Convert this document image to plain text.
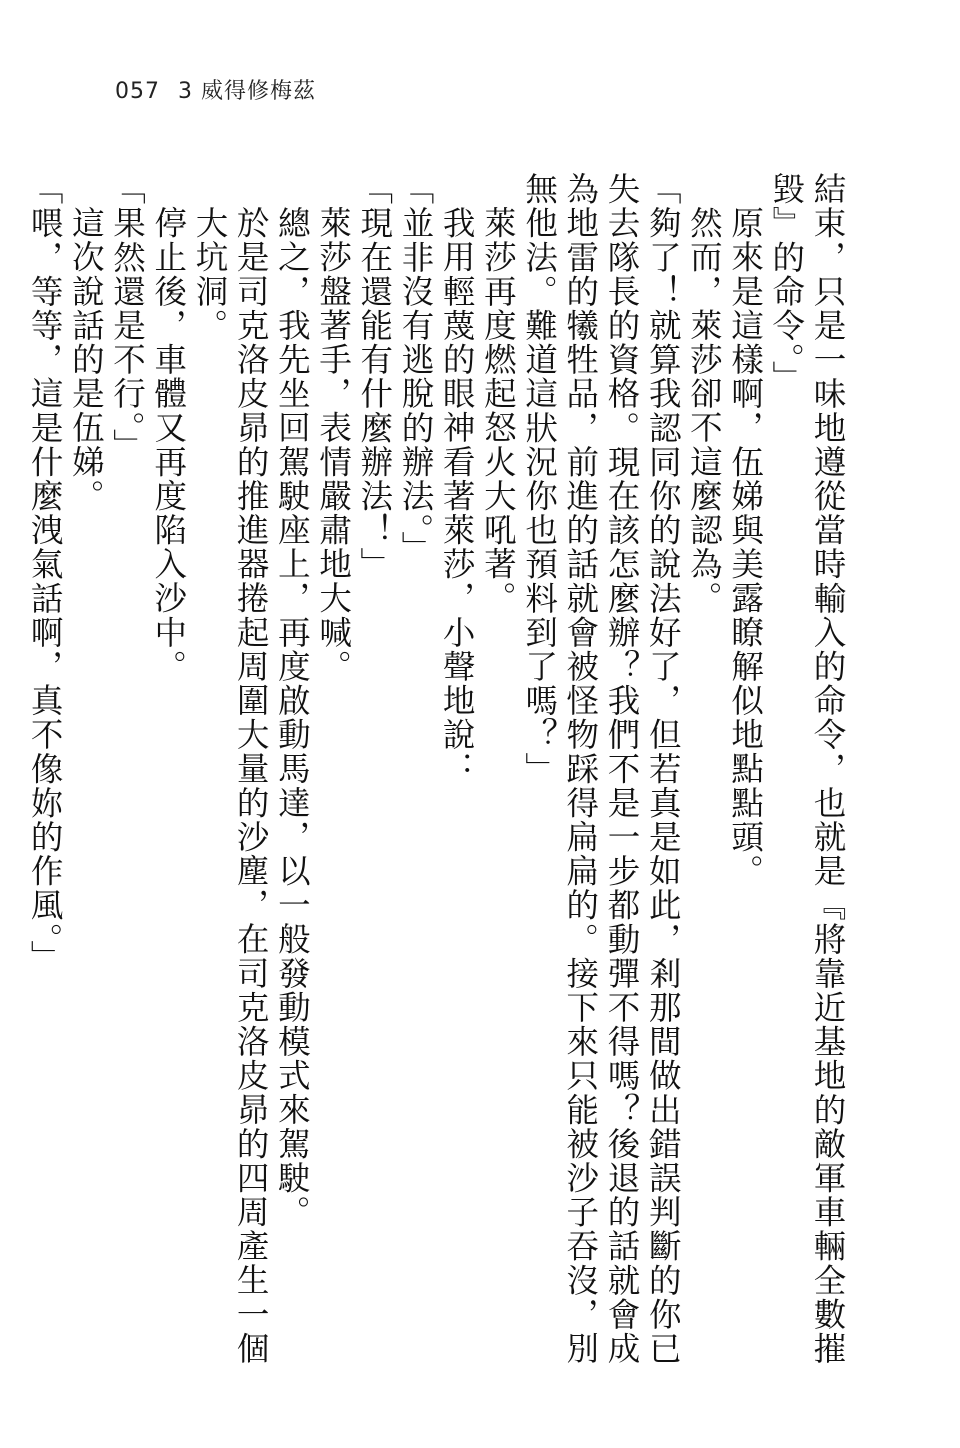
057 3 威得修梅茲

結束，只是一味地遵從當時輸入的命令，也就是『將靠近基地的敵軍車輛全數摧毀』的命令。」

原來是這樣啊，伍娣與美露瞭解似地點點頭。

然而，萊莎卻不這麼認為。

「夠了！就算我認同你的說法好了，但若真是如此，剎那間做出錯誤判斷的你已失去隊長的資格。現在該怎麼辦？我們不是一步都動彈不得嗎？後退的話就會成為地雷的犧牲品，前進的話就會被怪物踩得扁扁的。接下來只能被沙子吞沒，別無他法。難道這狀況你也預料到了嗎？」

萊莎再度燃起怒火大吼著。

我用輕蔑的眼神看著萊莎，小聲地說：

「並非沒有逃脫的辦法。」

「現在還能有什麼辦法！」

萊莎盤著手，表情嚴肅地大喊。

總之，我先坐回駕駛座上，再度啟動馬達，以一般發動模式來駕駛。

於是司克洛皮昴的推進器捲起周圍大量的沙塵，在司克洛皮昴的四周產生一個大坑洞。

停止後，車體又再度陷入沙中。

「果然還是不行。」

這次說話的是伍娣。

「喂，等等，這是什麼洩氣話啊，真不像妳的作風。」
